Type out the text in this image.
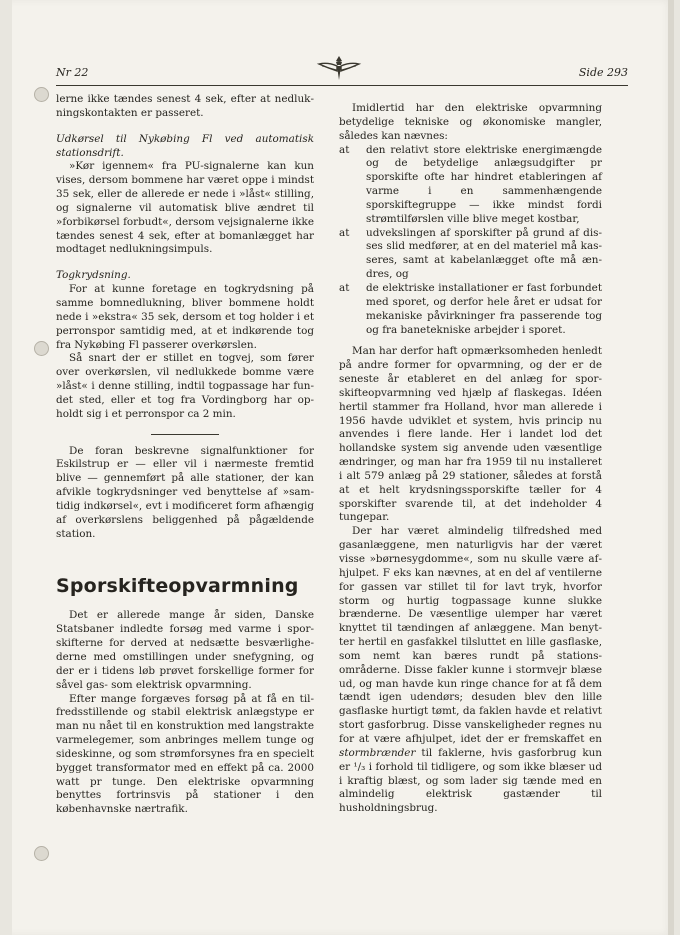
Nr 22	Side 293

lerne ikke tændes senest 4 sek, efter at nedlukningskontakten er passeret.

Udkørsel til Nykøbing Fl ved automatisk stationsdrift.

»Kør igennem« fra PU-signalerne kan kun vises, dersom bommene har været oppe i mindst 35 sek, eller de allerede er nede i »låst« stilling, og signalerne vil automatisk blive ændret til »forbikørsel forbudt«, dersom vejsignalerne ikke tændes senest 4 sek, efter at bomanlægget har modtaget nedlukningsimpuls.

Togkrydsning.

For at kunne foretage en togkrydsning på samme bomnedlukning, bliver bommene holdt nede i »ekstra« 35 sek, dersom et tog holder i et perronspor samtidig med, at et indkørende tog fra Nykøbing Fl passerer overkørslen.

Så snart der er stillet en togvej, som fører over overkørslen, vil nedlukkede bomme være »låst« i denne stilling, indtil togpassage har fundet sted, eller et tog fra Vordingborg har opholdt sig i et perronspor ca 2 min.

De foran beskrevne signalfunktioner for Eskilstrup er — eller vil i nærmeste fremtid blive — gennemført på alle stationer, der kan afvikle togkrydsninger ved benyttelse af »samtidig indkørsel«, evt i modificeret form afhængig af overkørslens beliggenhed på pågældende station.

Sporskifteopvarmning

Det er allerede mange år siden, Danske Statsbaner indledte forsøg med varme i sporskifterne for derved at nedsætte besværlighederne med omstillingen under snefygning, og der er i tidens løb prøvet forskellige former for såvel gas- som elektrisk opvarmning.

Efter mange forgæves forsøg på at få en tilfredsstillende og stabil elektrisk anlægstype er man nu nået til en konstruktion med langstrakte varmelegemer, som anbringes mellem tunge og sideskinne, og som strømforsynes fra en specielt bygget transformator med en effekt på ca. 2000 watt pr tunge. Den elektriske opvarmning benyttes fortrinsvis på stationer i den københavnske nærtrafik.

Imidlertid har den elektriske opvarmning betydelige tekniske og økonomiske mangler, således kan nævnes:

at den relativt store elektriske energimængde og de betydelige anlægsudgifter pr sporskifte ofte har hindret etableringen af varme i en sammenhængende sporskiftegruppe — ikke mindst fordi strømtilførslen ville blive meget kostbar,
at udvekslingen af sporskifter på grund af disses slid medfører, at en del materiel må kasseres, samt at kabelanlægget ofte må ændres, og
at de elektriske installationer er fast forbundet med sporet, og derfor hele året er udsat for mekaniske påvirkninger fra passerende tog og fra banetekniske arbejder i sporet.

Man har derfor haft opmærksomheden henledt på andre former for opvarmning, og der er de seneste år etableret en del anlæg for sporskifteopvarmning ved hjælp af flaskegas. Idéen hertil stammer fra Holland, hvor man allerede i 1956 havde udviklet et system, hvis princip nu anvendes i flere lande. Her i landet lod det hollandske system sig anvende uden væsentlige ændringer, og man har fra 1959 til nu installeret i alt 579 anlæg på 29 stationer, således at forstå at et helt krydsningssporskifte tæller for 4 sporskifter svarende til, at det indeholder 4 tungepar.

Der har været almindelig tilfredshed med gasanlæggene, men naturligvis har der været visse »børnesygdomme«, som nu skulle være afhjulpet. F eks kan nævnes, at en del af ventilerne for gassen var stillet til for lavt tryk, hvorfor storm og hurtig togpassage kunne slukke brænderne. De væsentlige ulemper har været knyttet til tændingen af anlæggene. Man benytter hertil en gasfakkel tilsluttet en lille gasflaske, som nemt kan bæres rundt på stationsområderne. Disse fakler kunne i stormvejr blæse ud, og man havde kun ringe chance for at få dem tændt igen udendørs; desuden blev den lille gasflaske hurtigt tømt, da faklen havde et relativt stort gasforbrug. Disse vanskeligheder regnes nu for at være afhjulpet, idet der er fremskaffet en stormbrænder til faklerne, hvis gasforbrug kun er ¹/₃ i forhold til tidligere, og som ikke blæser ud i kraftig blæst, og som lader sig tænde med en almindelig elektrisk gastænder til husholdningsbrug.
